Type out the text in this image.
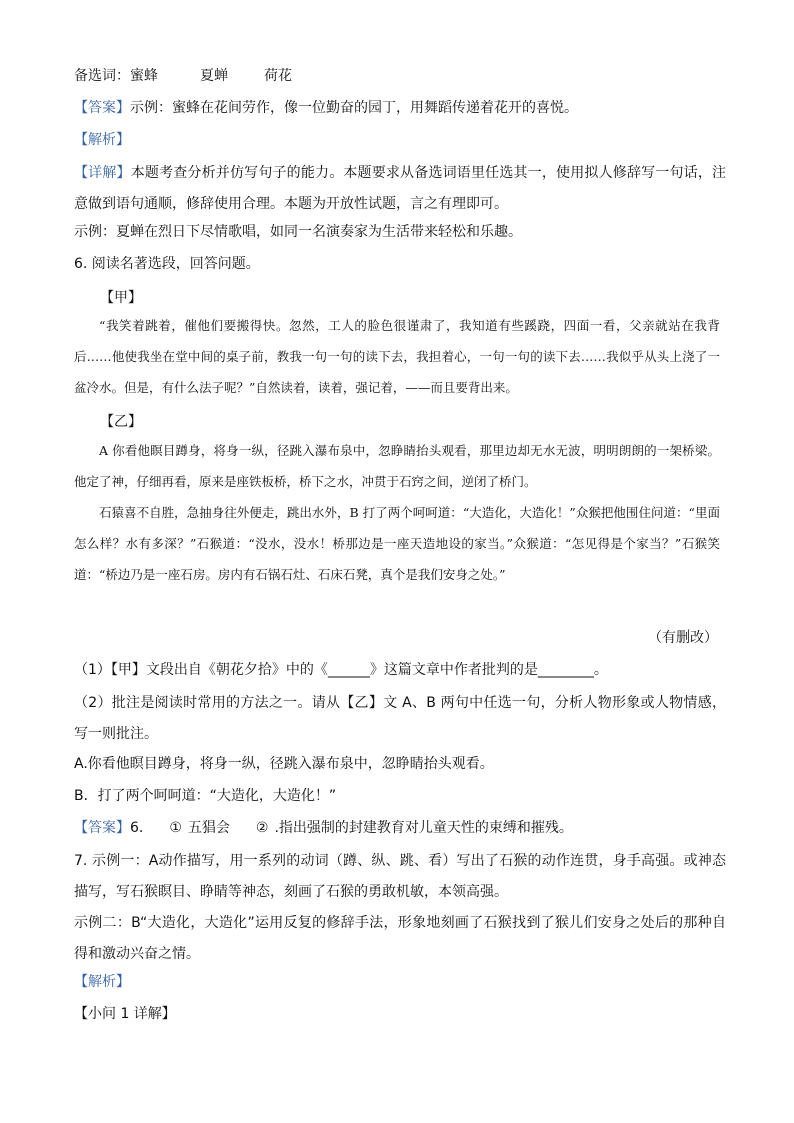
备选词：蜜蜂	夏蝉	荷花
【答案】示例：蜜蜂在花间劳作，像一位勤奋的园丁，用舞蹈传递着花开的喜悦。
【解析】
【详解】本题考查分析并仿写句子的能力。本题要求从备选词语里任选其一，使用拟人修辞写一句话，注意做到语句通顺，修辞使用合理。本题为开放性试题，言之有理即可。
示例：夏蝉在烈日下尽情歌唱，如同一名演奏家为生活带来轻松和乐趣。
6. 阅读名著选段，回答问题。
【甲】
“我笑着跳着，催他们要搬得快。忽然，工人的脸色很谨肃了，我知道有些蹊跷，四面一看，父亲就站在我背后……他使我坐在堂中间的桌子前，教我一句一句的读下去，我担着心，一句一句的读下去……我似乎从头上浇了一盆冷水。但是，有什么法子呢？”自然读着，读着，强记着，——而且要背出来。
【乙】
A 你看他瞑目蹲身，将身一纵，径跳入瀑布泉中，忽睁睛抬头观看，那里边却无水无波，明明朗朗的一架桥梁。他定了神，仔细再看，原来是座铁板桥，桥下之水，冲贯于石窍之间，逆闭了桥门。
石猿喜不自胜，急抽身往外便走，跳出水外，B 打了两个呵呵道：“大造化，大造化！”众猴把他围住问道：“里面怎么样？水有多深？”石猴道：“没水，没水！桥那边是一座天造地设的家当。”众猴道：“怎见得是个家当？”石猴笑道：“桥边乃是一座石房。房内有石锅石灶、石床石凳，真个是我们安身之处。”
（有删改）
（1）【甲】文段出自《朝花夕拾》中的《______》这篇文章中作者批判的是________。
（2）批注是阅读时常用的方法之一。请从【乙】文 A、B 两句中任选一句，分析人物形象或人物情感，写一则批注。
A.你看他瞑目蹲身，将身一纵，径跳入瀑布泉中，忽睁睛抬头观看。
B．打了两个呵呵道：“大造化，大造化！”
【答案】6. ① 五猖会 ② .指出强制的封建教育对儿童天性的束缚和摧残。
7. 示例一：A动作描写，用一系列的动词（蹲、纵、跳、看）写出了石猴的动作连贯，身手高强。或神态描写，写石猴瞑目、睁睛等神态，刻画了石猴的勇敢机敏，本领高强。
示例二：B“大造化，大造化”运用反复的修辞手法，形象地刻画了石猴找到了猴儿们安身之处后的那种自得和激动兴奋之情。
【解析】
【小问 1 详解】
